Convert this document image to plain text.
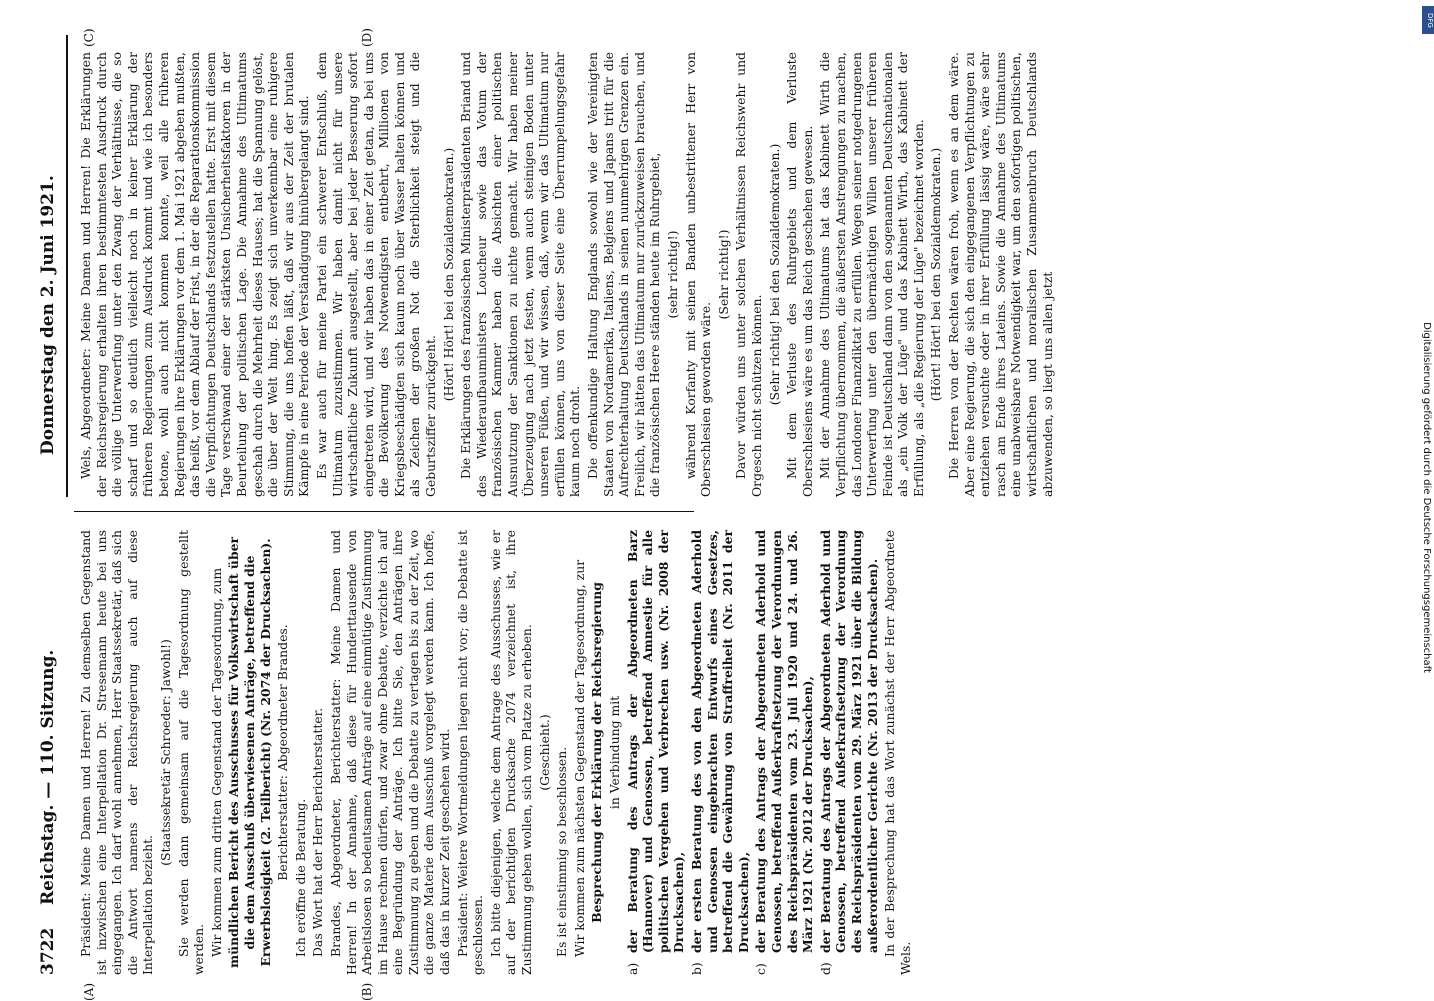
3722
Reichstag. — 110. Sitzung.
Donnerstag den 2. Juni 1921.
(A)	(B)
(C)	(D)

Präsident: Meine Damen und Herren! Zu demselben Gegenstand ist inzwischen eine Interpellation Dr. Stresemann heute bei uns eingegangen. Ich darf wohl annehmen, Herr Staatssekretär, daß sich die Antwort namens der Reichsregierung auch auf diese Interpellation bezieht.

(Staatssekretär Schroeder: Jawohl!) Sie werden dann gemeinsam auf die Tagesordnung gestellt werden. Wir kommen zum dritten Gegenstand der Tagesordnung, zum mündlichen Bericht des Ausschusses für Volkswirtschaft über die dem Ausschuß überwiesenen Anträge, betreffend die Erwerbslosigkeit (2. Teilbericht) (Nr. 2074 der Drucksachen). Berichterstatter: Abgeordneter Brandes. Ich eröffne die Beratung. Das Wort hat der Herr Berichterstatter. Brandes, Abgeordneter, Berichterstatter: Meine Damen und Herren! In der Annahme, daß diese für Hunderttausende von Arbeitslosen so bedeutsamen Anträge auf eine einmütige Zustimmung im Hause rechnen dürfen, und zwar ohne Debatte, verzichte ich auf eine Begründung der Anträge. Ich bitte Sie, den Anträgen ihre Zustimmung zu geben und die Debatte zu vertagen bis zu der Zeit, wo die ganze Materie dem Ausschuß vorgelegt werden kann. Ich hoffe, daß das in kurzer Zeit geschehen wird. Präsident: Weitere Wortmeldungen liegen nicht vor; die Debatte ist geschlossen. Ich bitte diejenigen, welche dem Antrage des Ausschusses, wie er auf der berichtigten Drucksache 2074 verzeichnet ist, ihre Zustimmung geben wollen, sich vom Platze zu erheben. (Geschieht.) Es ist einstimmig so beschlossen. Wir kommen zum nächsten Gegenstand der Tagesordnung, zur Besprechung der Erklärung der Reichsregierung in Verbindung mit

a)
der Beratung des Antrags der Abgeordneten Barz (Hannover) und Genossen, betreffend Amnestie für alle politischen Vergehen und Verbrechen usw. (Nr. 2008 der Drucksachen),
b)
der ersten Beratung des von den Abgeordneten Aderhold und Genossen eingebrachten Entwurfs eines Gesetzes, betreffend die Gewährung von Straffreiheit (Nr. 2011 der Drucksachen),
c)
der Beratung des Antrags der Abgeordneten Aderhold und Genossen, betreffend Außerkraftsetzung der Verordnungen des Reichspräsidenten vom 23. Juli 1920 und 24. und 26. März 1921 (Nr. 2012 der Drucksachen),
d)
der Beratung des Antrags der Abgeordneten Aderhold und Genossen, betreffend Außerkraftsetzung der Verordnung des Reichspräsidenten vom 29. März 1921 über die Bildung außerordentlicher Gerichte (Nr. 2013 der Drucksachen). In der Besprechung hat das Wort zunächst der Herr Abgeordnete Wels.

Wels, Abgeordneter: Meine Damen und Herren! Die Erklärungen der Reichsregierung erhalten ihren bestimmtesten Ausdruck durch die völlige Unterwerfung unter den Zwang der Verhältnisse, die so scharf und so deutlich vielleicht noch in keiner Erklärung der früheren Regierungen zum Ausdruck kommt und wie ich besonders betone, wohl auch nicht kommen konnte, weil alle früheren Regierungen ihre Erklärungen vor dem 1. Mai 1921 abgeben mußten, das heißt, vor dem Ablauf der Frist, in der die Reparationskommission die Verpflichtungen Deutschlands festzustellen hatte. Erst mit diesem Tage verschwand einer der stärksten Unsicherheitsfaktoren in der Beurteilung der politischen Lage. Die Annahme des Ultimatums geschah durch die Mehrheit dieses Hauses; hat die Spannung gelöst, die über der Welt hing. Es zeigt sich unverkennbar eine ruhigere Stimmung, die uns hoffen läßt, daß wir aus der Zeit der brutalen Kämpfe in eine Periode der Verständigung hinübergelangt sind. Es war auch für meine Partei ein schwerer Entschluß, dem Ultimatum zuzustimmen. Wir haben damit nicht für unsere wirtschaftliche Zukunft ausgestellt, aber bei jeder Besserung sofort eingetreten wird, und wir haben das in einer Zeit getan, da bei uns die Bevölkerung des Notwendigsten entbehrt, Millionen von Kriegsbeschädigten sich kaum noch über Wasser halten können und als Zeichen der großen Not die Sterblichkeit steigt und die Geburtsziffer zurückgeht.

(Hört! Hört! bei den Sozialdemokraten.) Die Erklärungen des französischen Ministerpräsidenten Briand und des Wiederaufbauministers Loucheur sowie das Votum der französischen Kammer haben die Absichten einer politischen Ausnutzung der Sanktionen zu nichte gemacht. Wir haben meiner Überzeugung nach jetzt festen, wenn auch steinigen Boden unter unseren Füßen, und wir wissen, daß, wenn wir das Ultimatum nur erfüllen können, uns von dieser Seite eine Überrumpelungsgefahr kaum noch droht. Die offenkundige Haltung Englands sowohl wie der Vereinigten Staaten von Nordamerika, Italiens, Belgiens und Japans tritt für die Aufrechterhaltung Deutschlands in seinen nunmehrigen Grenzen ein. Freilich, wir hätten das Ultimatum nur zurückzuweisen brauchen, und die französischen Heere ständen heute im Ruhrgebiet, (sehr richtig!) während Korfanty mit seinen Banden unbestrittener Herr von Oberschlesien geworden wäre.

(Sehr richtig!) Davor würden uns unter solchen Verhältnissen Reichswehr und Orgesch nicht schützen können. (Sehr richtig! bei den Sozialdemokraten.) Mit dem Verluste des Ruhrgebiets und dem Verluste Oberschlesiens wäre es um das Reich geschehen gewesen. Mit der Annahme des Ultimatums hat das Kabinett Wirth die Verpflichtung übernommen, die äußersten Anstrengungen zu machen, das Londoner Finanzdiktat zu erfüllen. Wegen seiner notgedrungenen Unterwerfung unter den übermächtigen Willen unserer früheren Feinde ist Deutschland dann von den sogenannten Deutschnationalen als „ein Volk der Lüge" und das Kabinett Wirth, das Kabinett der Erfüllung, als „die Regierung der Lüge" bezeichnet worden. (Hört! Hört! bei den Sozialdemokraten.) Die Herren von der Rechten wären froh, wenn es an dem wäre. Aber eine Regierung, die sich den eingegangenen Verpflichtungen zu entziehen versuchte oder in ihrer Erfüllung lässig wäre, wäre sehr rasch am Ende ihres Lateins. Sowie die Annahme des Ultimatums eine unabweisbare Notwendigkeit war, um den sofortigen politischen, wirtschaftlichen und moralischen Zusammenbruch Deutschlands abzuwenden, so liegt uns allen jetzt	Digitalisierung gefördert durch die Deutsche Forschungsgemeinschaft
DFG
